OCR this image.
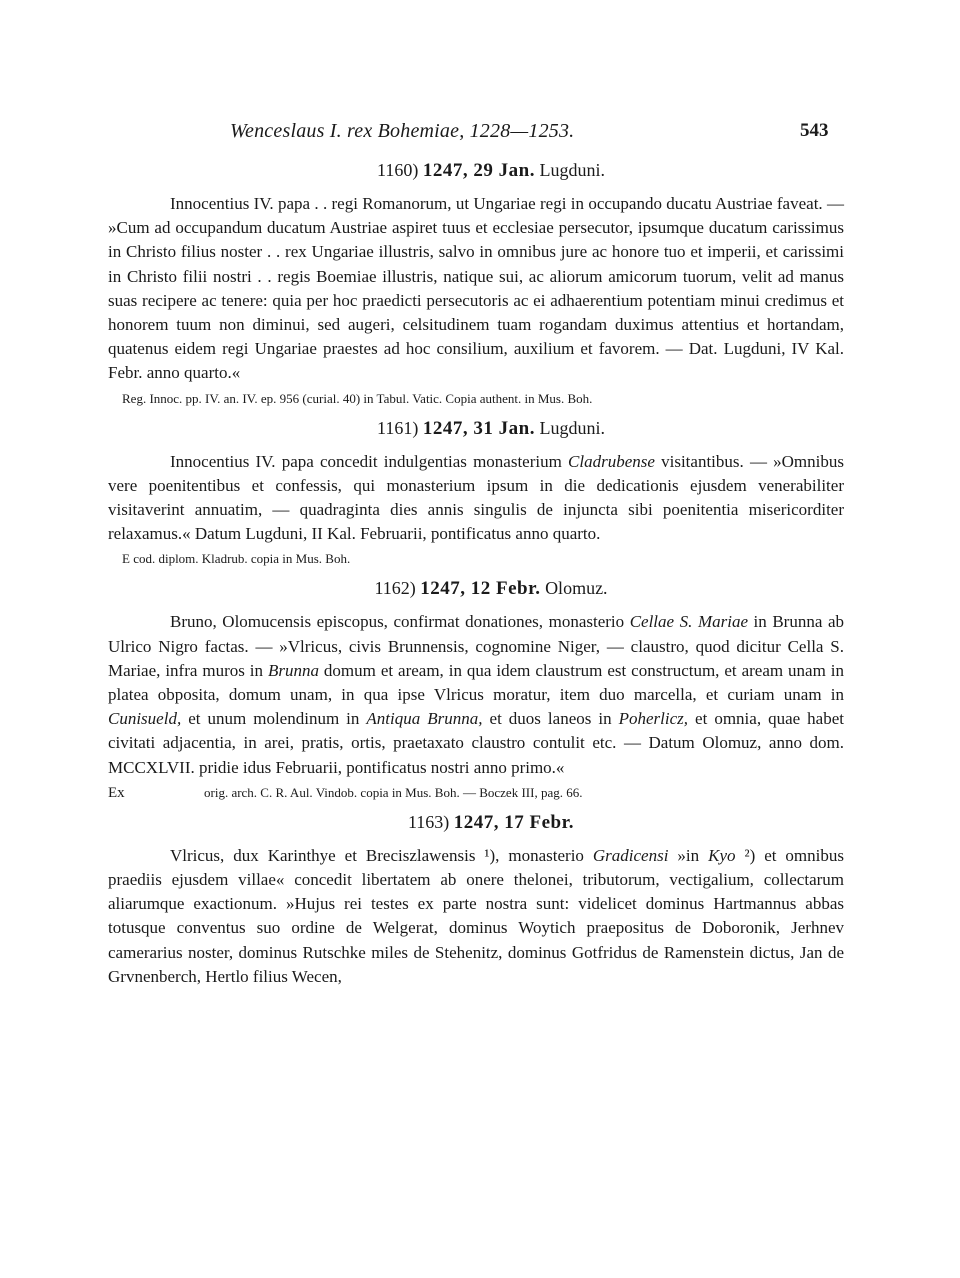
Wenceslaus I. rex Bohemiae, 1228—1253.	543
1160) 1247, 29 Jan. Lugduni.
Innocentius IV. papa . . regi Romanorum, ut Ungariae regi in occupando ducatu Austriae faveat. — »Cum ad occupandum ducatum Austriae aspiret tuus et ecclesiae persecutor, ipsumque ducatum carissimus in Christo filius noster . . rex Ungariae illustris, salvo in omnibus jure ac honore tuo et imperii, et carissimi in Christo filii nostri . . regis Boemiae illustris, natique sui, ac aliorum amicorum tuorum, velit ad manus suas recipere ac tenere: quia per hoc praedicti persecutoris ac ei adhaerentium potentiam minui credimus et honorem tuum non diminui, sed augeri, celsitudinem tuam rogandam duximus attentius et hortandam, quatenus eidem regi Ungariae praestes ad hoc consilium, auxilium et favorem. — Dat. Lugduni, IV Kal. Febr. anno quarto.«
Reg. Innoc. pp. IV. an. IV. ep. 956 (curial. 40) in Tabul. Vatic. Copia authent. in Mus. Boh.
1161) 1247, 31 Jan. Lugduni.
Innocentius IV. papa concedit indulgentias monasterium Cladrubense visitantibus. — »Omnibus vere poenitentibus et confessis, qui monasterium ipsum in die dedicationis ejusdem venerabiliter visitaverint annuatim, — quadraginta dies annis singulis de injuncta sibi poenitentia misericorditer relaxamus.« Datum Lugduni, II Kal. Februarii, pontificatus anno quarto.
E cod. diplom. Kladrub. copia in Mus. Boh.
1162) 1247, 12 Febr. Olomuz.
Bruno, Olomucensis episcopus, confirmat donationes, monasterio Cellae S. Mariae in Brunna ab Ulrico Nigro factas. — »Vlricus, civis Brunnensis, cognomine Niger, — claustro, quod dicitur Cella S. Mariae, infra muros in Brunna domum et aream, in qua idem claustrum est constructum, et aream unam in platea obposita, domum unam, in qua ipse Vlricus moratur, item duo marcella, et curiam unam in Cunisueld, et unum molendinum in Antiqua Brunna, et duos laneos in Poherlicz, et omnia, quae habet civitati adjacentia, in arei, pratis, ortis, praetaxato claustro contulit etc. — Datum Olomuz, anno dom. MCCXLVII. pridie idus Februarii, pontificatus nostri anno primo.«
Ex	orig. arch. C. R. Aul. Vindob. copia in Mus. Boh. — Boczek III, pag. 66.
1163) 1247, 17 Febr.
Vlricus, dux Karinthye et Breciszlawensis ¹), monasterio Gradicensi »in Kyo ²) et omnibus praediis ejusdem villae« concedit libertatem ab onere thelonei, tributorum, vectigalium, collectarum aliarumque exactionum. »Hujus rei testes ex parte nostra sunt: videlicet dominus Hartmannus abbas totusque conventus suo ordine de Welgerat, dominus Woytich praepositus de Doboronik, Jerhnev camerarius noster, dominus Rutschke miles de Stehenitz, dominus Gotfridus de Ramenstein dictus, Jan de Grvnenberch, Hertlo filius Wecen,
